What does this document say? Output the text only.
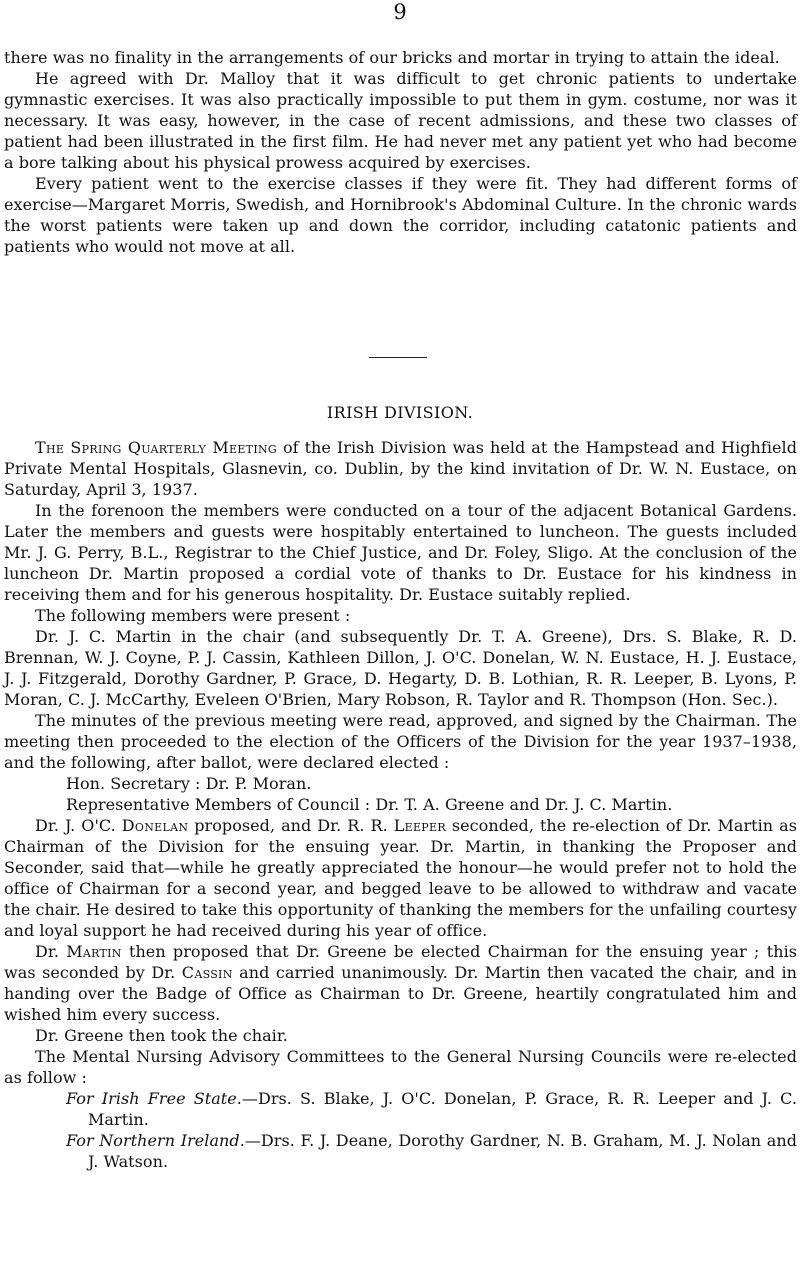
9

there was no finality in the arrangements of our bricks and mortar in trying to attain the ideal.

He agreed with Dr. Malloy that it was difficult to get chronic patients to undertake gymnastic exercises. It was also practically impossible to put them in gym. costume, nor was it necessary. It was easy, however, in the case of recent admissions, and these two classes of patient had been illustrated in the first film. He had never met any patient yet who had become a bore talking about his physical prowess acquired by exercises.

Every patient went to the exercise classes if they were fit. They had different forms of exercise—Margaret Morris, Swedish, and Hornibrook's Abdominal Culture. In the chronic wards the worst patients were taken up and down the corridor, including catatonic patients and patients who would not move at all.

IRISH DIVISION.

The Spring Quarterly Meeting of the Irish Division was held at the Hampstead and Highfield Private Mental Hospitals, Glasnevin, co. Dublin, by the kind invitation of Dr. W. N. Eustace, on Saturday, April 3, 1937.

In the forenoon the members were conducted on a tour of the adjacent Botanical Gardens. Later the members and guests were hospitably entertained to luncheon. The guests included Mr. J. G. Perry, B.L., Registrar to the Chief Justice, and Dr. Foley, Sligo. At the conclusion of the luncheon Dr. Martin proposed a cordial vote of thanks to Dr. Eustace for his kindness in receiving them and for his generous hospitality. Dr. Eustace suitably replied.

The following members were present :

Dr. J. C. Martin in the chair (and subsequently Dr. T. A. Greene), Drs. S. Blake, R. D. Brennan, W. J. Coyne, P. J. Cassin, Kathleen Dillon, J. O'C. Donelan, W. N. Eustace, H. J. Eustace, J. J. Fitzgerald, Dorothy Gardner, P. Grace, D. Hegarty, D. B. Lothian, R. R. Leeper, B. Lyons, P. Moran, C. J. McCarthy, Eveleen O'Brien, Mary Robson, R. Taylor and R. Thompson (Hon. Sec.).

The minutes of the previous meeting were read, approved, and signed by the Chairman. The meeting then proceeded to the election of the Officers of the Division for the year 1937–1938, and the following, after ballot, were declared elected :

Hon. Secretary : Dr. P. Moran.

Representative Members of Council : Dr. T. A. Greene and Dr. J. C. Martin.

Dr. J. O'C. Donelan proposed, and Dr. R. R. Leeper seconded, the re-election of Dr. Martin as Chairman of the Division for the ensuing year. Dr. Martin, in thanking the Proposer and Seconder, said that—while he greatly appreciated the honour—he would prefer not to hold the office of Chairman for a second year, and begged leave to be allowed to withdraw and vacate the chair. He desired to take this opportunity of thanking the members for the unfailing courtesy and loyal support he had received during his year of office.

Dr. Martin then proposed that Dr. Greene be elected Chairman for the ensuing year ; this was seconded by Dr. Cassin and carried unanimously. Dr. Martin then vacated the chair, and in handing over the Badge of Office as Chairman to Dr. Greene, heartily congratulated him and wished him every success.

Dr. Greene then took the chair.

The Mental Nursing Advisory Committees to the General Nursing Councils were re-elected as follow :

For Irish Free State.—Drs. S. Blake, J. O'C. Donelan, P. Grace, R. R. Leeper and J. C. Martin.

For Northern Ireland.—Drs. F. J. Deane, Dorothy Gardner, N. B. Graham, M. J. Nolan and J. Watson.
